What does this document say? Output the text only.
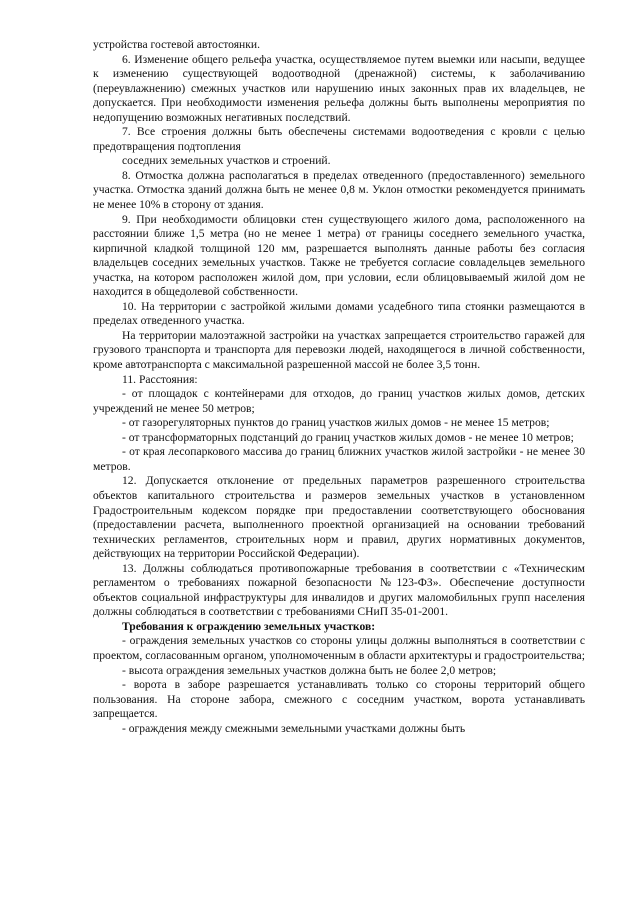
устройства гостевой автостоянки.

6. Изменение общего рельефа участка, осуществляемое путем выемки или насыпи, ведущее к изменению существующей водоотводной (дренажной) системы, к заболачиванию (переувлажнению) смежных участков или нарушению иных законных прав их владельцев, не допускается. При необходимости изменения рельефа должны быть выполнены мероприятия по недопущению возможных негативных последствий.

7. Все строения должны быть обеспечены системами водоотведения с кровли с целью предотвращения подтопления

соседних земельных участков и строений.

8. Отмостка должна располагаться в пределах отведенного (предоставленного) земельного участка. Отмостка зданий должна быть не менее 0,8 м. Уклон отмостки рекомендуется принимать не менее 10% в сторону от здания.

9. При необходимости облицовки стен существующего жилого дома, расположенного на расстоянии ближе 1,5 метра (но не менее 1 метра) от границы соседнего земельного участка, кирпичной кладкой толщиной 120 мм, разрешается выполнять данные работы без согласия владельцев соседних земельных участков. Также не требуется согласие совладельцев земельного участка, на котором расположен жилой дом, при условии, если облицовываемый жилой дом не находится в общедолевой собственности.

10. На территории с застройкой жилыми домами усадебного типа стоянки размещаются в пределах отведенного участка.

На территории малоэтажной застройки на участках запрещается строительство гаражей для грузового транспорта и транспорта для перевозки людей, находящегося в личной собственности, кроме автотранспорта с максимальной разрешенной массой не более 3,5 тонн.

11. Расстояния:

- от площадок с контейнерами для отходов, до границ участков жилых домов, детских учреждений не менее 50 метров;

- от газорегуляторных пунктов до границ участков жилых домов - не менее 15 метров;

- от трансформаторных подстанций до границ участков жилых домов - не менее 10 метров;

- от края лесопаркового массива до границ ближних участков жилой застройки - не менее 30 метров.

12. Допускается отклонение от предельных параметров разрешенного строительства объектов капитального строительства и размеров земельных участков в установленном Градостроительным кодексом порядке при предоставлении соответствующего обоснования (предоставлении расчета, выполненного проектной организацией на основании требований технических регламентов, строительных норм и правил, других нормативных документов, действующих на территории Российской Федерации).

13. Должны соблюдаться противопожарные требования в соответствии с «Техническим регламентом о требованиях пожарной безопасности №123-ФЗ». Обеспечение доступности объектов социальной инфраструктуры для инвалидов и других маломобильных групп населения должны соблюдаться в соответствии с требованиями СНиП 35-01-2001.

Требования к ограждению земельных участков:

- ограждения земельных участков со стороны улицы должны выполняться в соответствии с проектом, согласованным органом, уполномоченным в области архитектуры и градостроительства;

- высота ограждения земельных участков должна быть не более 2,0 метров;

- ворота в заборе разрешается устанавливать только со стороны территорий общего пользования. На стороне забора, смежного с соседним участком, ворота устанавливать запрещается.

- ограждения между смежными земельными участками должны быть
